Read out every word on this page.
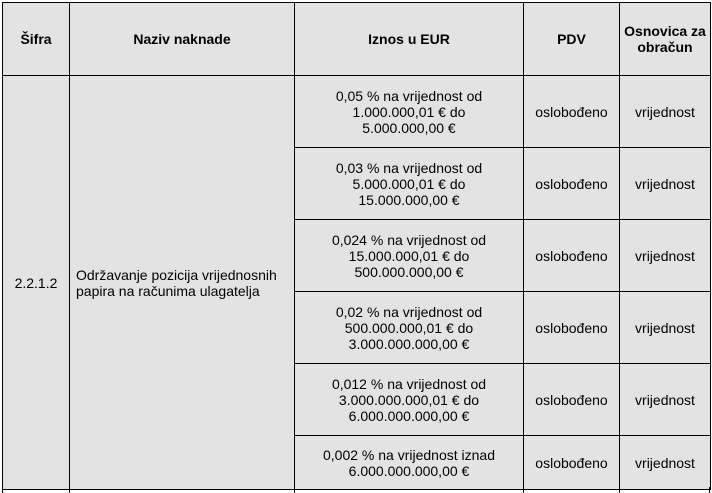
Šifra	Naziv naknade	Iznos u EUR	PDV	Osnovica za obračun
2.2.1.2	Održavanje pozicija vrijednosnih papira na računima ulagatelja	0,05 % na vrijednost od
1.000.000,01 € do
5.000.000,00 €	oslobođeno	vrijednost

		0,03 % na vrijednost od
5.000.000,01 € do
15.000.000,00 €	oslobođeno	vrijednost

		0,024 % na vrijednost od
15.000.000,01 € do
500.000.000,00 €	oslobođeno	vrijednost

		0,02 % na vrijednost od
500.000.000,01 € do
3.000.000.000,00 €	oslobođeno	vrijednost

		0,012 % na vrijednost od
3.000.000.000,01 € do
6.000.000.000,00 €	oslobođeno	vrijednost

		0,002 % na vrijednost iznad
6.000.000.000,00 €	oslobođeno	vrijednost
